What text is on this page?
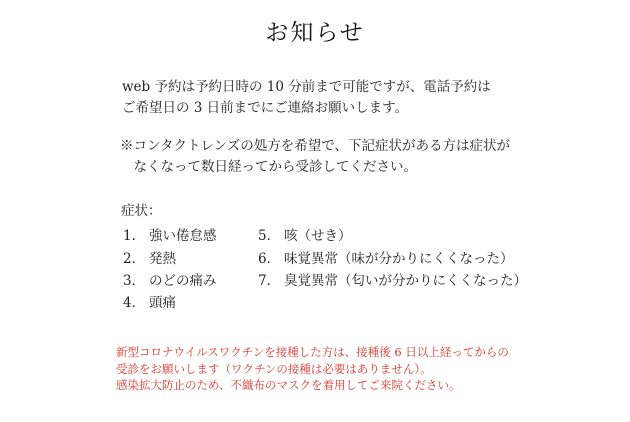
お知らせ
web 予約は予約日時の 10 分前まで可能ですが、電話予約は
ご希望日の 3 日前までにご連絡お願いします。
※コンタクトレンズの処方を希望で、下記症状がある方は症状が
　なくなって数日経ってから受診してください。
症状：
1． 強い倦怠感
2． 発熱
3． のどの痛み
4． 頭痛
5． 咳（せき）
6． 味覚異常（味が分かりにくくなった）
7． 臭覚異常（匂いが分かりにくくなった）
新型コロナウイルスワクチンを接種した方は、接種後 6 日以上経ってからの
受診をお願いします（ワクチンの接種は必要はありません）。
感染拡大防止のため、不織布のマスクを着用してご来院ください。
